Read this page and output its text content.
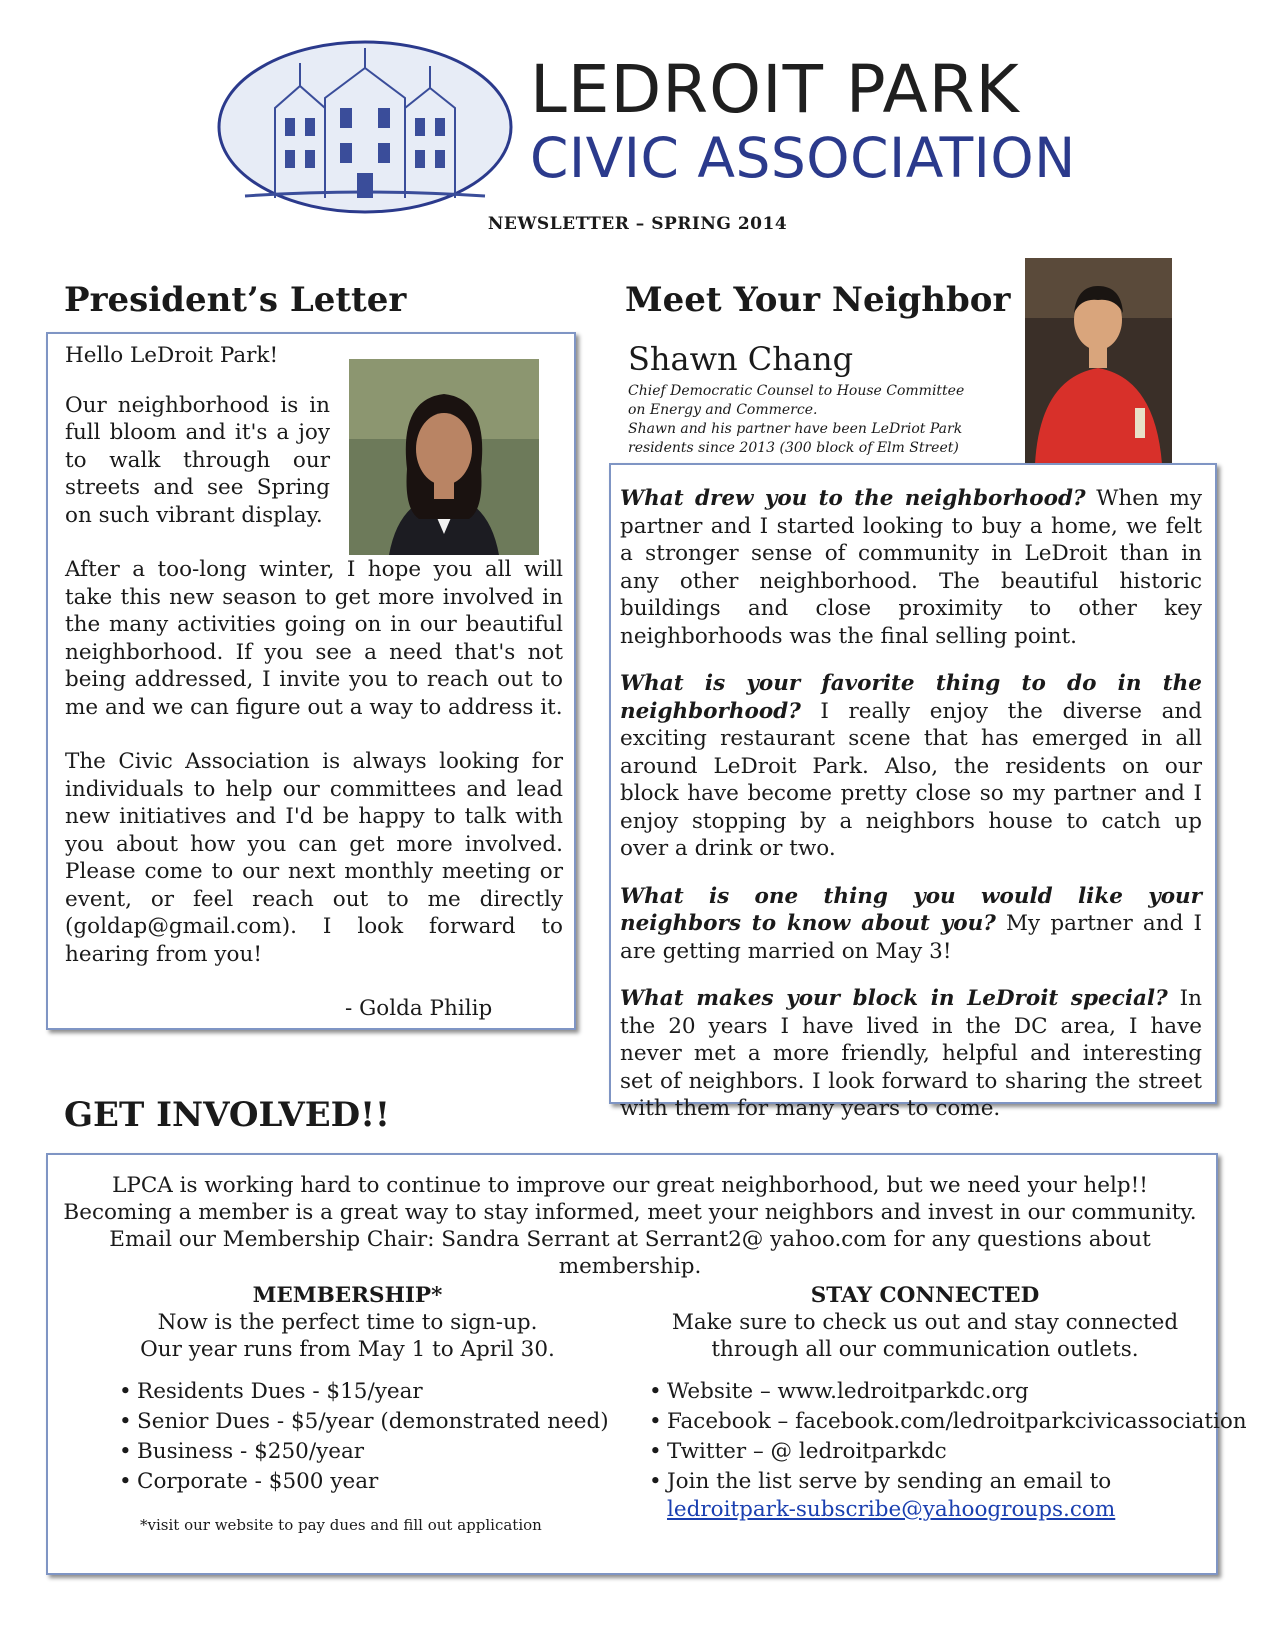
LEDROIT PARK
CIVIC ASSOCIATION
NEWSLETTER – SPRING 2014
President’s Letter

Hello LeDroit Park!

Our neighborhood is in full bloom and it's a joy to walk through our streets and see Spring on such vibrant display.

After a too-long winter, I hope you all will take this new season to get more involved in the many activities going on in our beautiful neighborhood. If you see a need that's not being addressed, I invite you to reach out to me and we can figure out a way to address it.

The Civic Association is always looking for individuals to help our committees and lead new initiatives and I'd be happy to talk with you about how you can get more involved. Please come to our next monthly meeting or event, or feel reach out to me directly (goldap@gmail.com). I look forward to hearing from you!

- Golda Philip
Meet Your Neighbor
Shawn Chang
Chief Democratic Counsel to House Committee on Energy and Commerce.
Shawn and his partner have been LeDriot Park residents since 2013 (300 block of Elm Street)

What drew you to the neighborhood? When my partner and I started looking to buy a home, we felt a stronger sense of community in LeDroit than in any other neighborhood. The beautiful historic buildings and close proximity to other key neighborhoods was the final selling point.

What is your favorite thing to do in the neighborhood? I really enjoy the diverse and exciting restaurant scene that has emerged in all around LeDroit Park. Also, the residents on our block have become pretty close so my partner and I enjoy stopping by a neighbors house to catch up over a drink or two.

What is one thing you would like your neighbors to know about you? My partner and I are getting married on May 3!

What makes your block in LeDroit special? In the 20 years I have lived in the DC area, I have never met a more friendly, helpful and interesting set of neighbors. I look forward to sharing the street with them for many years to come.

GET INVOLVED!!
LPCA is working hard to continue to improve our great neighborhood, but we need your help!!
Becoming a member is a great way to stay informed, meet your neighbors and invest in our community.
Email our Membership Chair: Sandra Serrant at Serrant2@ yahoo.com for any questions about membership.
MEMBERSHIP*
Now is the perfect time to sign-up.
Our year runs from May 1 to April 30.
• Residents Dues - $15/year
• Senior Dues - $5/year (demonstrated need)
• Business - $250/year
• Corporate - $500 year
*visit our website to pay dues and fill out application
STAY CONNECTED
Make sure to check us out and stay connected
through all our communication outlets.
• Website – www.ledroitparkdc.org
• Facebook – facebook.com/ledroitparkcivicassociation
• Twitter – @ ledroitparkdc
• Join the list serve by sending an email to
ledroitpark-subscribe@yahoogroups.com
